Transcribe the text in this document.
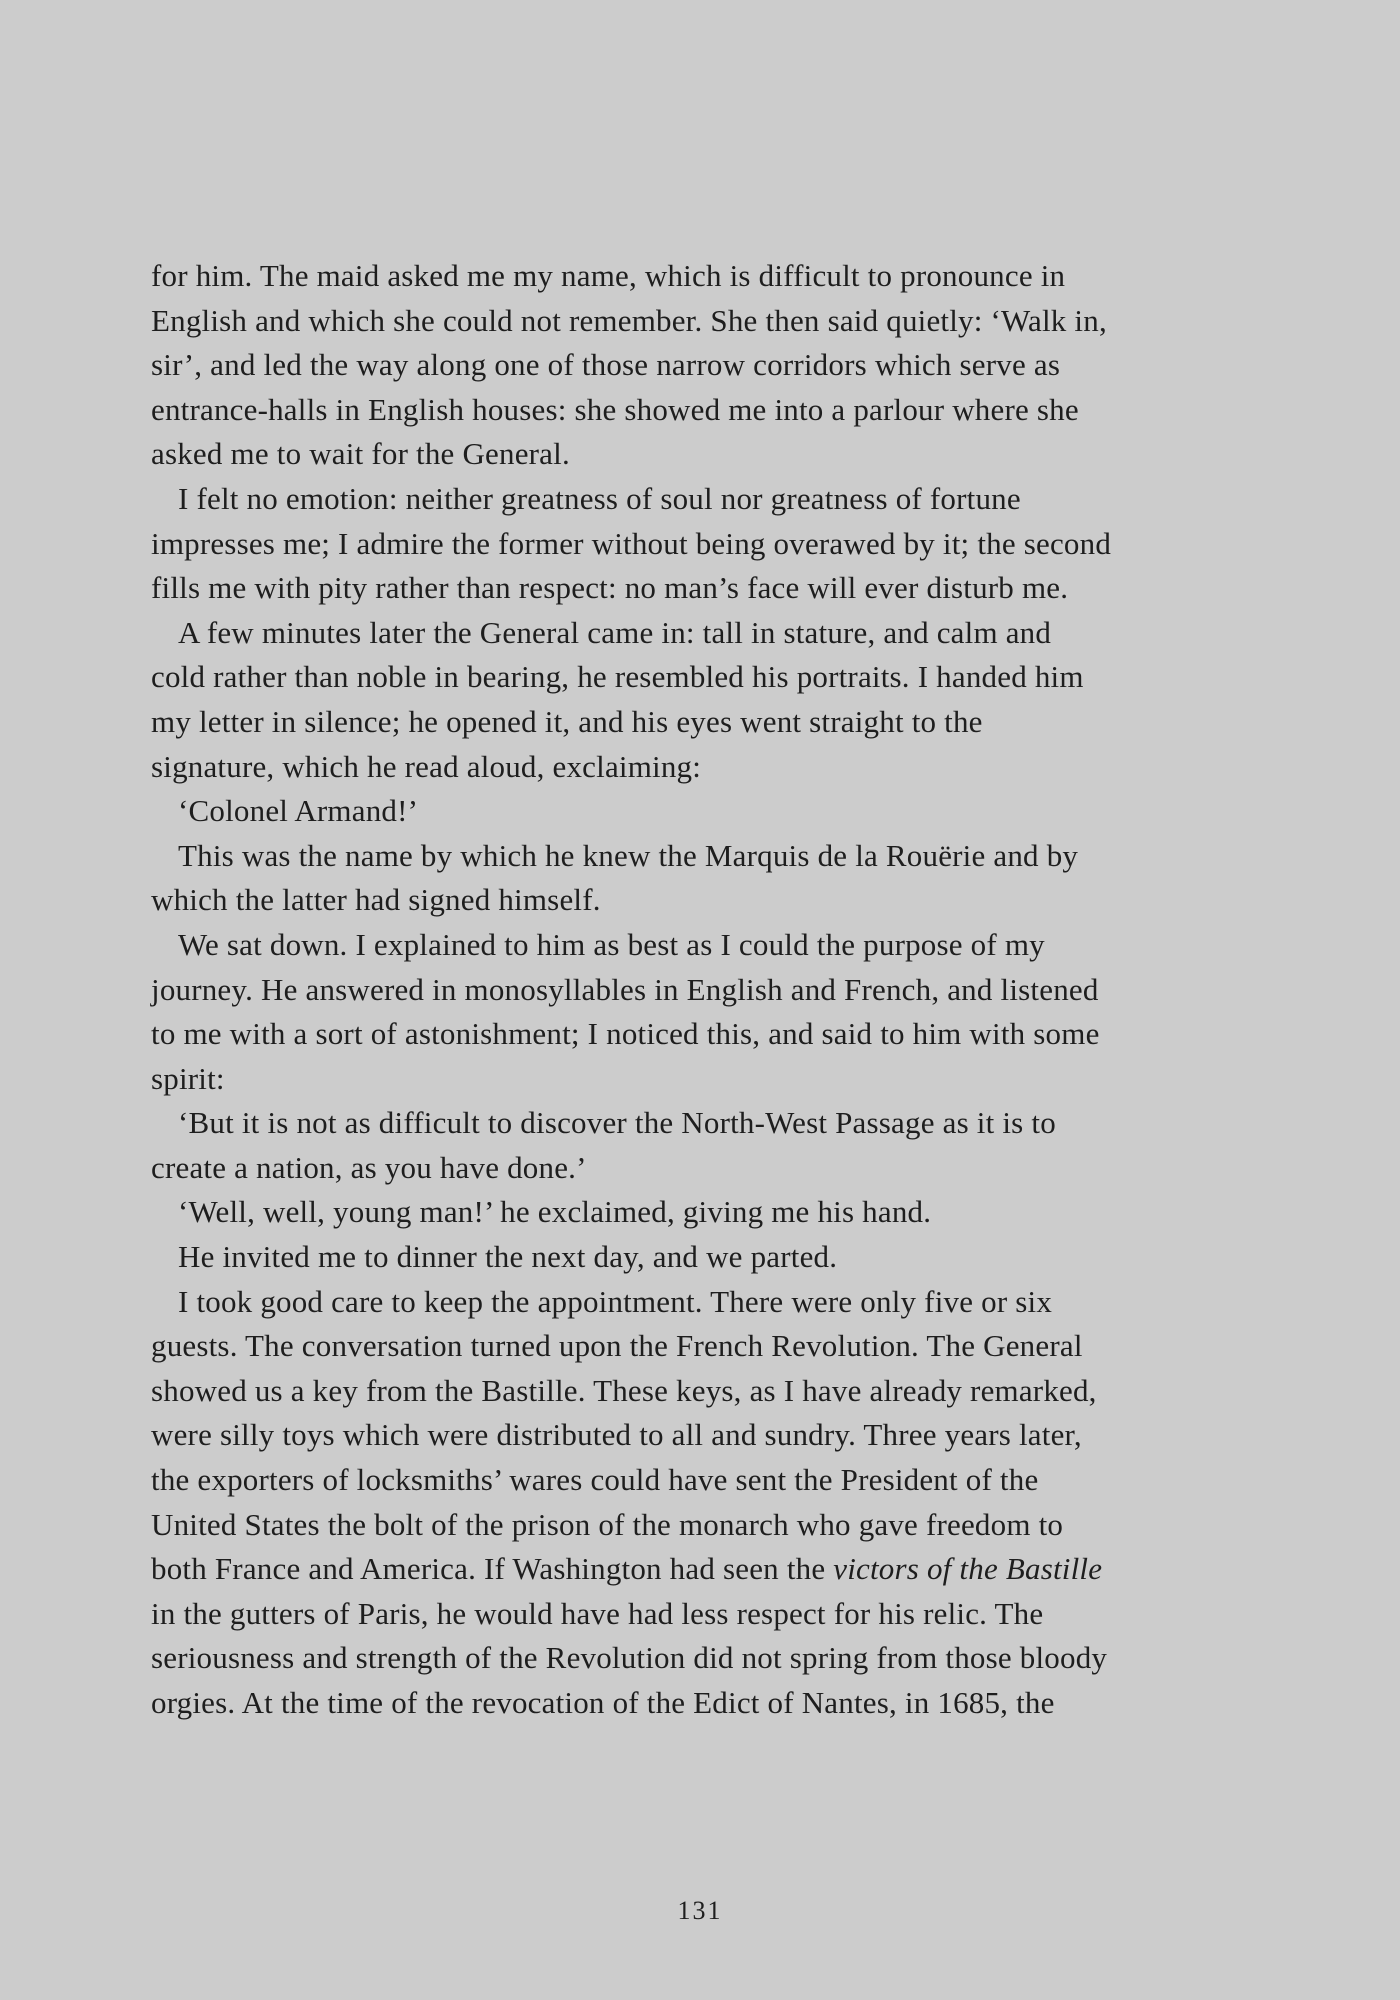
for him. The maid asked me my name, which is difficult to pronounce in
English and which she could not remember. She then said quietly: ‘Walk in,
sir’, and led the way along one of those narrow corridors which serve as
entrance-halls in English houses: she showed me into a parlour where she
asked me to wait for the General.
I felt no emotion: neither greatness of soul nor greatness of fortune
impresses me; I admire the former without being overawed by it; the second
fills me with pity rather than respect: no man’s face will ever disturb me.
A few minutes later the General came in: tall in stature, and calm and
cold rather than noble in bearing, he resembled his portraits. I handed him
my letter in silence; he opened it, and his eyes went straight to the
signature, which he read aloud, exclaiming:
‘Colonel Armand!’
This was the name by which he knew the Marquis de la Rouërie and by
which the latter had signed himself.
We sat down. I explained to him as best as I could the purpose of my
journey. He answered in monosyllables in English and French, and listened
to me with a sort of astonishment; I noticed this, and said to him with some
spirit:
‘But it is not as difficult to discover the North-West Passage as it is to
create a nation, as you have done.’
‘Well, well, young man!’ he exclaimed, giving me his hand.
He invited me to dinner the next day, and we parted.
I took good care to keep the appointment. There were only five or six
guests. The conversation turned upon the French Revolution. The General
showed us a key from the Bastille. These keys, as I have already remarked,
were silly toys which were distributed to all and sundry. Three years later,
the exporters of locksmiths’ wares could have sent the President of the
United States the bolt of the prison of the monarch who gave freedom to
both France and America. If Washington had seen the victors of the Bastille
in the gutters of Paris, he would have had less respect for his relic. The
seriousness and strength of the Revolution did not spring from those bloody
orgies. At the time of the revocation of the Edict of Nantes, in 1685, the
131
